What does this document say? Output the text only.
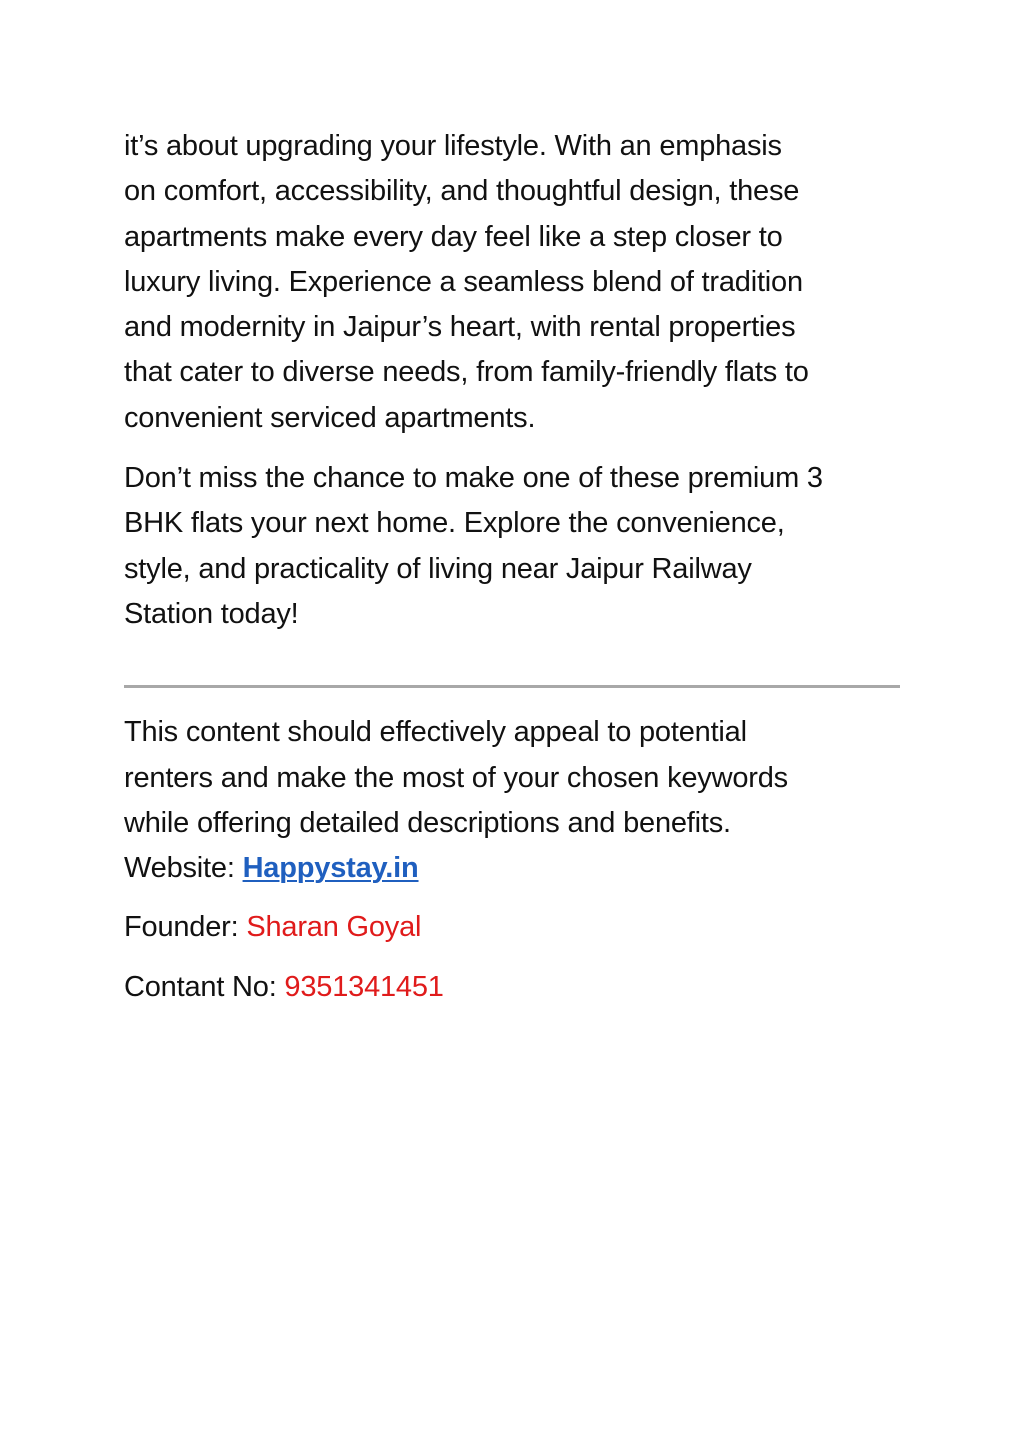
it’s about upgrading your lifestyle. With an emphasis
on comfort, accessibility, and thoughtful design, these
apartments make every day feel like a step closer to
luxury living. Experience a seamless blend of tradition
and modernity in Jaipur’s heart, with rental properties
that cater to diverse needs, from family-friendly flats to
convenient serviced apartments.

Don’t miss the chance to make one of these premium 3
BHK flats your next home. Explore the convenience,
style, and practicality of living near Jaipur Railway
Station today!

This content should effectively appeal to potential
renters and make the most of your chosen keywords
while offering detailed descriptions and benefits.
Website: Happystay.in

Founder: Sharan Goyal

Contant No: 9351341451
